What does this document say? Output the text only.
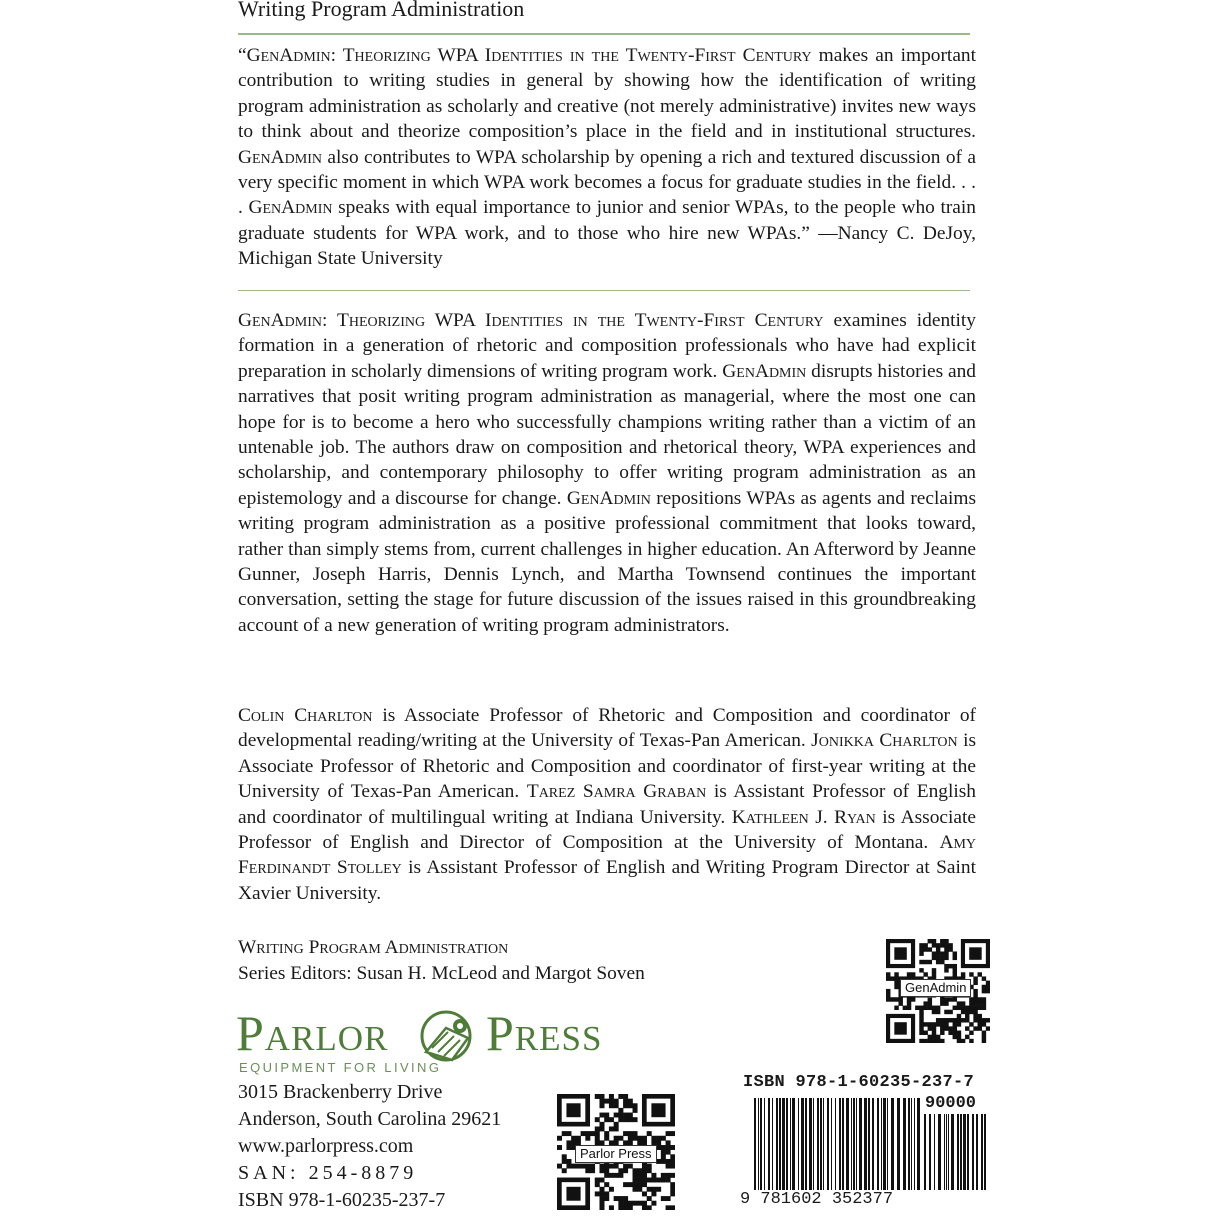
Writing Program Administration

“GenAdmin: Theorizing WPA Identities in the Twenty-First Century makes an important contribution to writing studies in general by showing how the identification of writing program administration as scholarly and creative (not merely administrative) invites new ways to think about and theorize composition’s place in the field and in institutional structures. GenAdmin also contributes to WPA scholarship by opening a rich and textured discussion of a very specific moment in which WPA work becomes a focus for graduate studies in the field. . . . GenAdmin speaks with equal importance to junior and senior WPAs, to the people who train graduate students for WPA work, and to those who hire new WPAs.” —Nancy C. DeJoy, Michigan State University

GenAdmin: Theorizing WPA Identities in the Twenty-First Century examines identity formation in a generation of rhetoric and composition professionals who have had explicit preparation in scholarly dimensions of writing program work. GenAdmin disrupts histories and narratives that posit writing program administration as managerial, where the most one can hope for is to become a hero who successfully champions writing rather than a victim of an untenable job. The authors draw on composition and rhetorical theory, WPA experiences and scholarship, and contemporary philosophy to offer writing program administration as an epistemology and a discourse for change. GenAdmin repositions WPAs as agents and reclaims writing program administration as a positive professional commitment that looks toward, rather than simply stems from, current challenges in higher education. An Afterword by Jeanne Gunner, Joseph Harris, Dennis Lynch, and Martha Townsend continues the important conversation, setting the stage for future discussion of the issues raised in this groundbreaking account of a new generation of writing program administrators.

Colin Charlton is Associate Professor of Rhetoric and Composition and coordinator of developmental reading/writing at the University of Texas-Pan American. Jonikka Charlton is Associate Professor of Rhetoric and Composition and coordinator of first-year writing at the University of Texas-Pan American. Tarez Samra Graban is Assistant Professor of English and coordinator of multilingual writing at Indiana University. Kathleen J. Ryan is Associate Professor of English and Director of Composition at the University of Montana. Amy Ferdinandt Stolley is Assistant Professor of English and Writing Program Director at Saint Xavier University.

Writing Program Administration
Series Editors: Susan H. McLeod and Margot Soven
Parlor Press
EQUIPMENT FOR LIVING
3015 Brackenberry Drive
Anderson, South Carolina 29621
www.parlorpress.com
SAN: 254-8879
ISBN 978-1-60235-237-7
GenAdmin
Parlor Press
ISBN 978-1-60235-237-7
90000
9 781602 352377
